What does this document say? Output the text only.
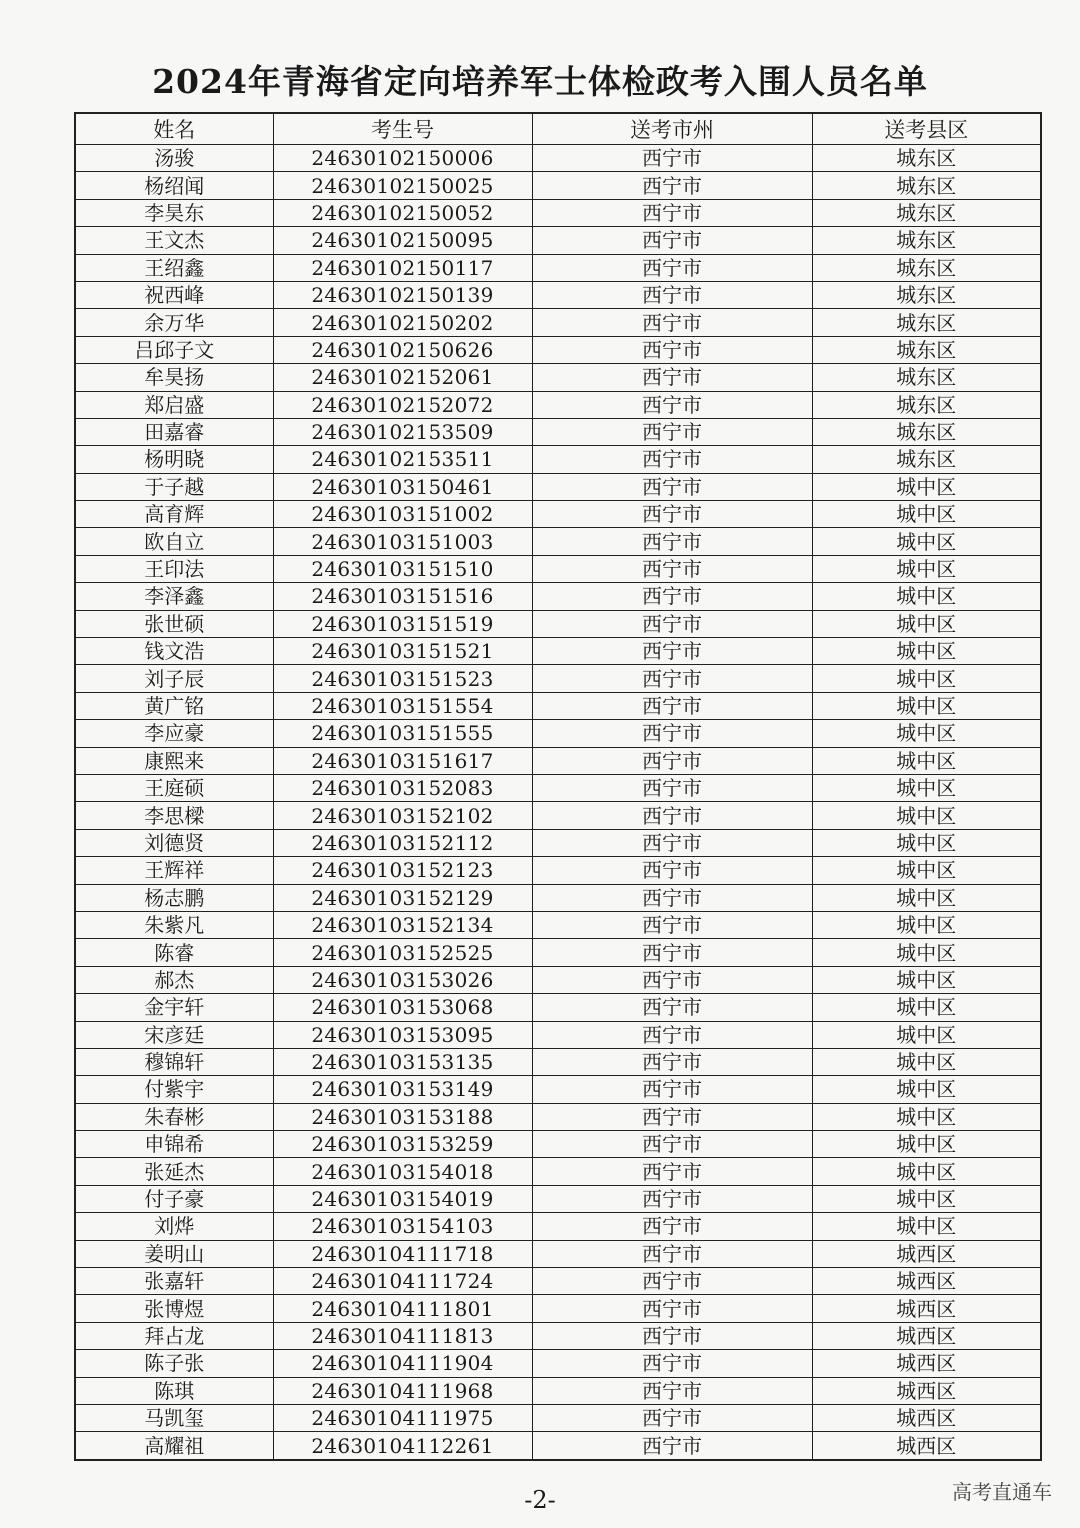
2024年青海省定向培养军士体检政考入围人员名单
姓名	考生号	送考市州	送考县区
汤骏	24630102150006	西宁市	城东区
杨绍闻	24630102150025	西宁市	城东区
李昊东	24630102150052	西宁市	城东区
王文杰	24630102150095	西宁市	城东区
王绍鑫	24630102150117	西宁市	城东区
祝西峰	24630102150139	西宁市	城东区
余万华	24630102150202	西宁市	城东区
吕邱子文	24630102150626	西宁市	城东区
牟昊扬	24630102152061	西宁市	城东区
郑启盛	24630102152072	西宁市	城东区
田嘉睿	24630102153509	西宁市	城东区
杨明晓	24630102153511	西宁市	城东区
于子越	24630103150461	西宁市	城中区
高育辉	24630103151002	西宁市	城中区
欧自立	24630103151003	西宁市	城中区
王印法	24630103151510	西宁市	城中区
李泽鑫	24630103151516	西宁市	城中区
张世硕	24630103151519	西宁市	城中区
钱文浩	24630103151521	西宁市	城中区
刘子辰	24630103151523	西宁市	城中区
黄广铭	24630103151554	西宁市	城中区
李应豪	24630103151555	西宁市	城中区
康熙来	24630103151617	西宁市	城中区
王庭硕	24630103152083	西宁市	城中区
李思樑	24630103152102	西宁市	城中区
刘德贤	24630103152112	西宁市	城中区
王辉祥	24630103152123	西宁市	城中区
杨志鹏	24630103152129	西宁市	城中区
朱紫凡	24630103152134	西宁市	城中区
陈睿	24630103152525	西宁市	城中区
郝杰	24630103153026	西宁市	城中区
金宇轩	24630103153068	西宁市	城中区
宋彦廷	24630103153095	西宁市	城中区
穆锦轩	24630103153135	西宁市	城中区
付紫宇	24630103153149	西宁市	城中区
朱春彬	24630103153188	西宁市	城中区
申锦希	24630103153259	西宁市	城中区
张延杰	24630103154018	西宁市	城中区
付子豪	24630103154019	西宁市	城中区
刘烨	24630103154103	西宁市	城中区
姜明山	24630104111718	西宁市	城西区
张嘉轩	24630104111724	西宁市	城西区
张博煜	24630104111801	西宁市	城西区
拜占龙	24630104111813	西宁市	城西区
陈子张	24630104111904	西宁市	城西区
陈琪	24630104111968	西宁市	城西区
马凯玺	24630104111975	西宁市	城西区
高耀祖	24630104112261	西宁市	城西区
-2-	高考直通车
